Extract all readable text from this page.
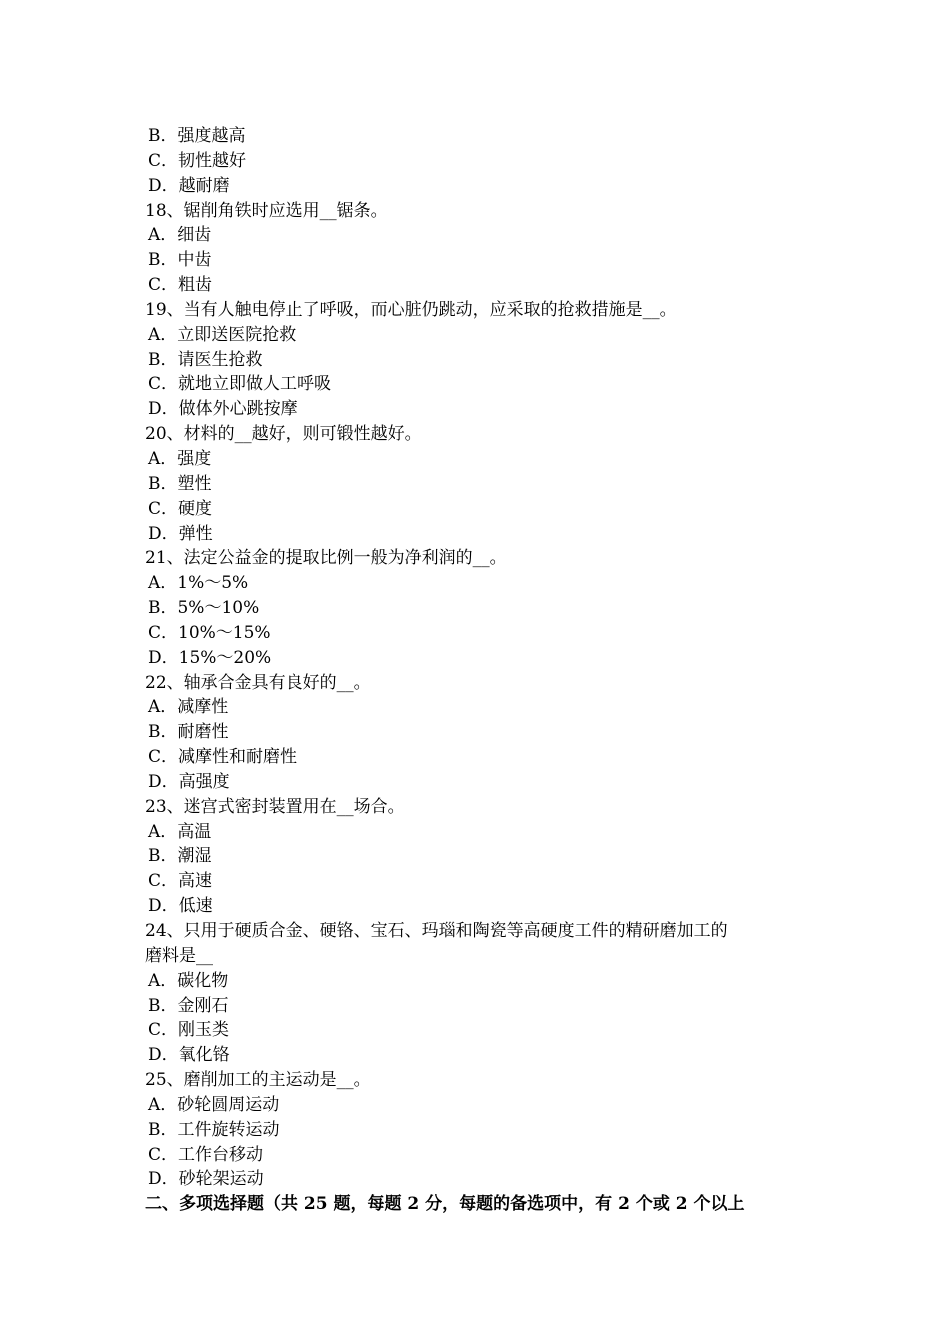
B．强度越高
C．韧性越好
D．越耐磨
18、锯削角铁时应选用__锯条。
A．细齿
B．中齿
C．粗齿
19、当有人触电停止了呼吸，而心脏仍跳动，应采取的抢救措施是__。
A．立即送医院抢救
B．请医生抢救
C．就地立即做人工呼吸
D．做体外心跳按摩
20、材料的__越好，则可锻性越好。
A．强度
B．塑性
C．硬度
D．弹性
21、法定公益金的提取比例一般为净利润的__。
A．1%～5%
B．5%～10%
C．10%～15%
D．15%～20%
22、轴承合金具有良好的__。
A．减摩性
B．耐磨性
C．减摩性和耐磨性
D．高强度
23、迷宫式密封装置用在__场合。
A．高温
B．潮湿
C．高速
D．低速
24、只用于硬质合金、硬铬、宝石、玛瑙和陶瓷等高硬度工件的精研磨加工的
磨料是__
A．碳化物
B．金刚石
C．刚玉类
D．氧化铬
25、磨削加工的主运动是__。
A．砂轮圆周运动
B．工件旋转运动
C．工作台移动
D．砂轮架运动
二、多项选择题（共 25 题，每题 2 分，每题的备选项中，有 2 个或 2 个以上
